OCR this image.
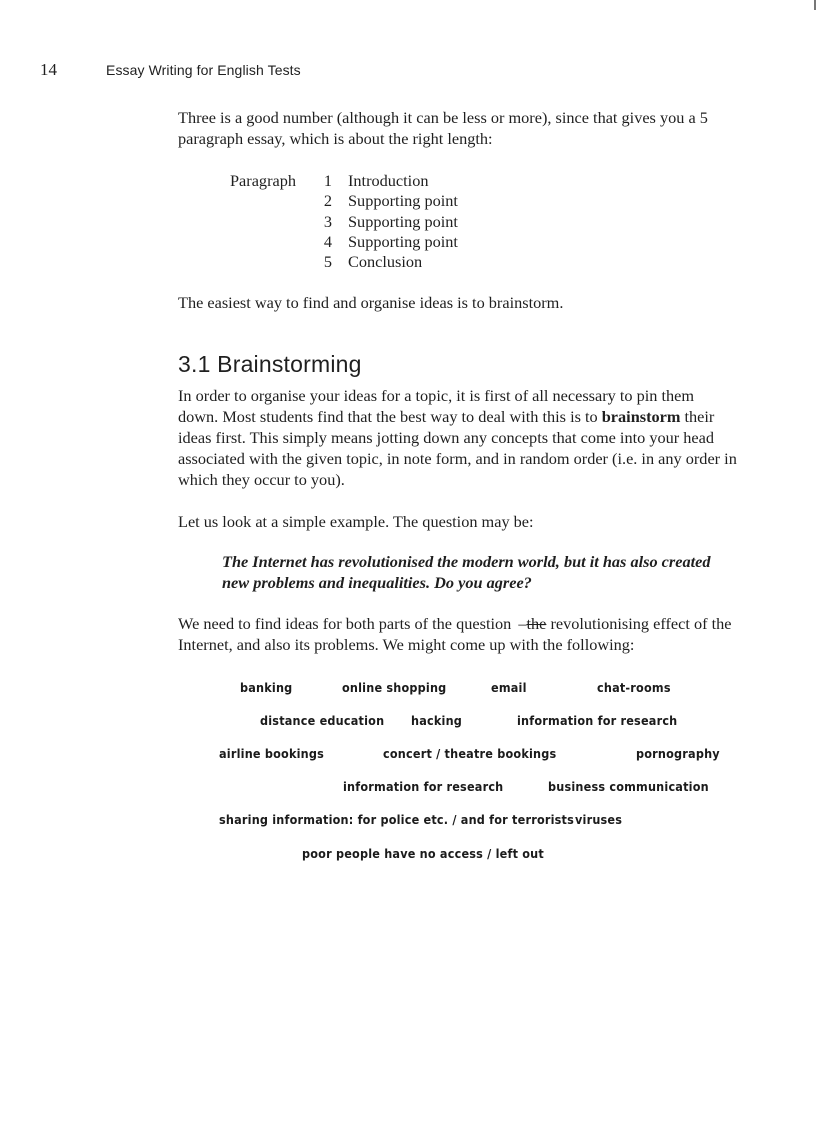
14	Essay Writing for English Tests

Three is a good number (although it can be less or more), since that gives you a 5 paragraph essay, which is about the right length:

Paragraph	1 Introduction
2 Supporting point
3 Supporting point
4 Supporting point
5 Conclusion

The easiest way to find and organise ideas is to brainstorm.

3.1 Brainstorming

In order to organise your ideas for a topic, it is first of all necessary to pin them down. Most students find that the best way to deal with this is to brainstorm their ideas first. This simply means jotting down any concepts that come into your head associated with the given topic, in note form, and in random order (i.e. in any order in which they occur to you).

Let us look at a simple example. The question may be:

The Internet has revolutionised the modern world, but it has also created new problems and inequalities. Do you agree?

We need to find ideas for both parts of the question –the revolutionising effect of the Internet, and also its problems. We might come up with the following:

banking	online shopping	email	chat-rooms
distance education hacking	information for research
airline bookings	concert / theatre bookings	pornography
information for research	business communication
sharing information: for police etc. / and for terrorists viruses
poor people have no access / left out
